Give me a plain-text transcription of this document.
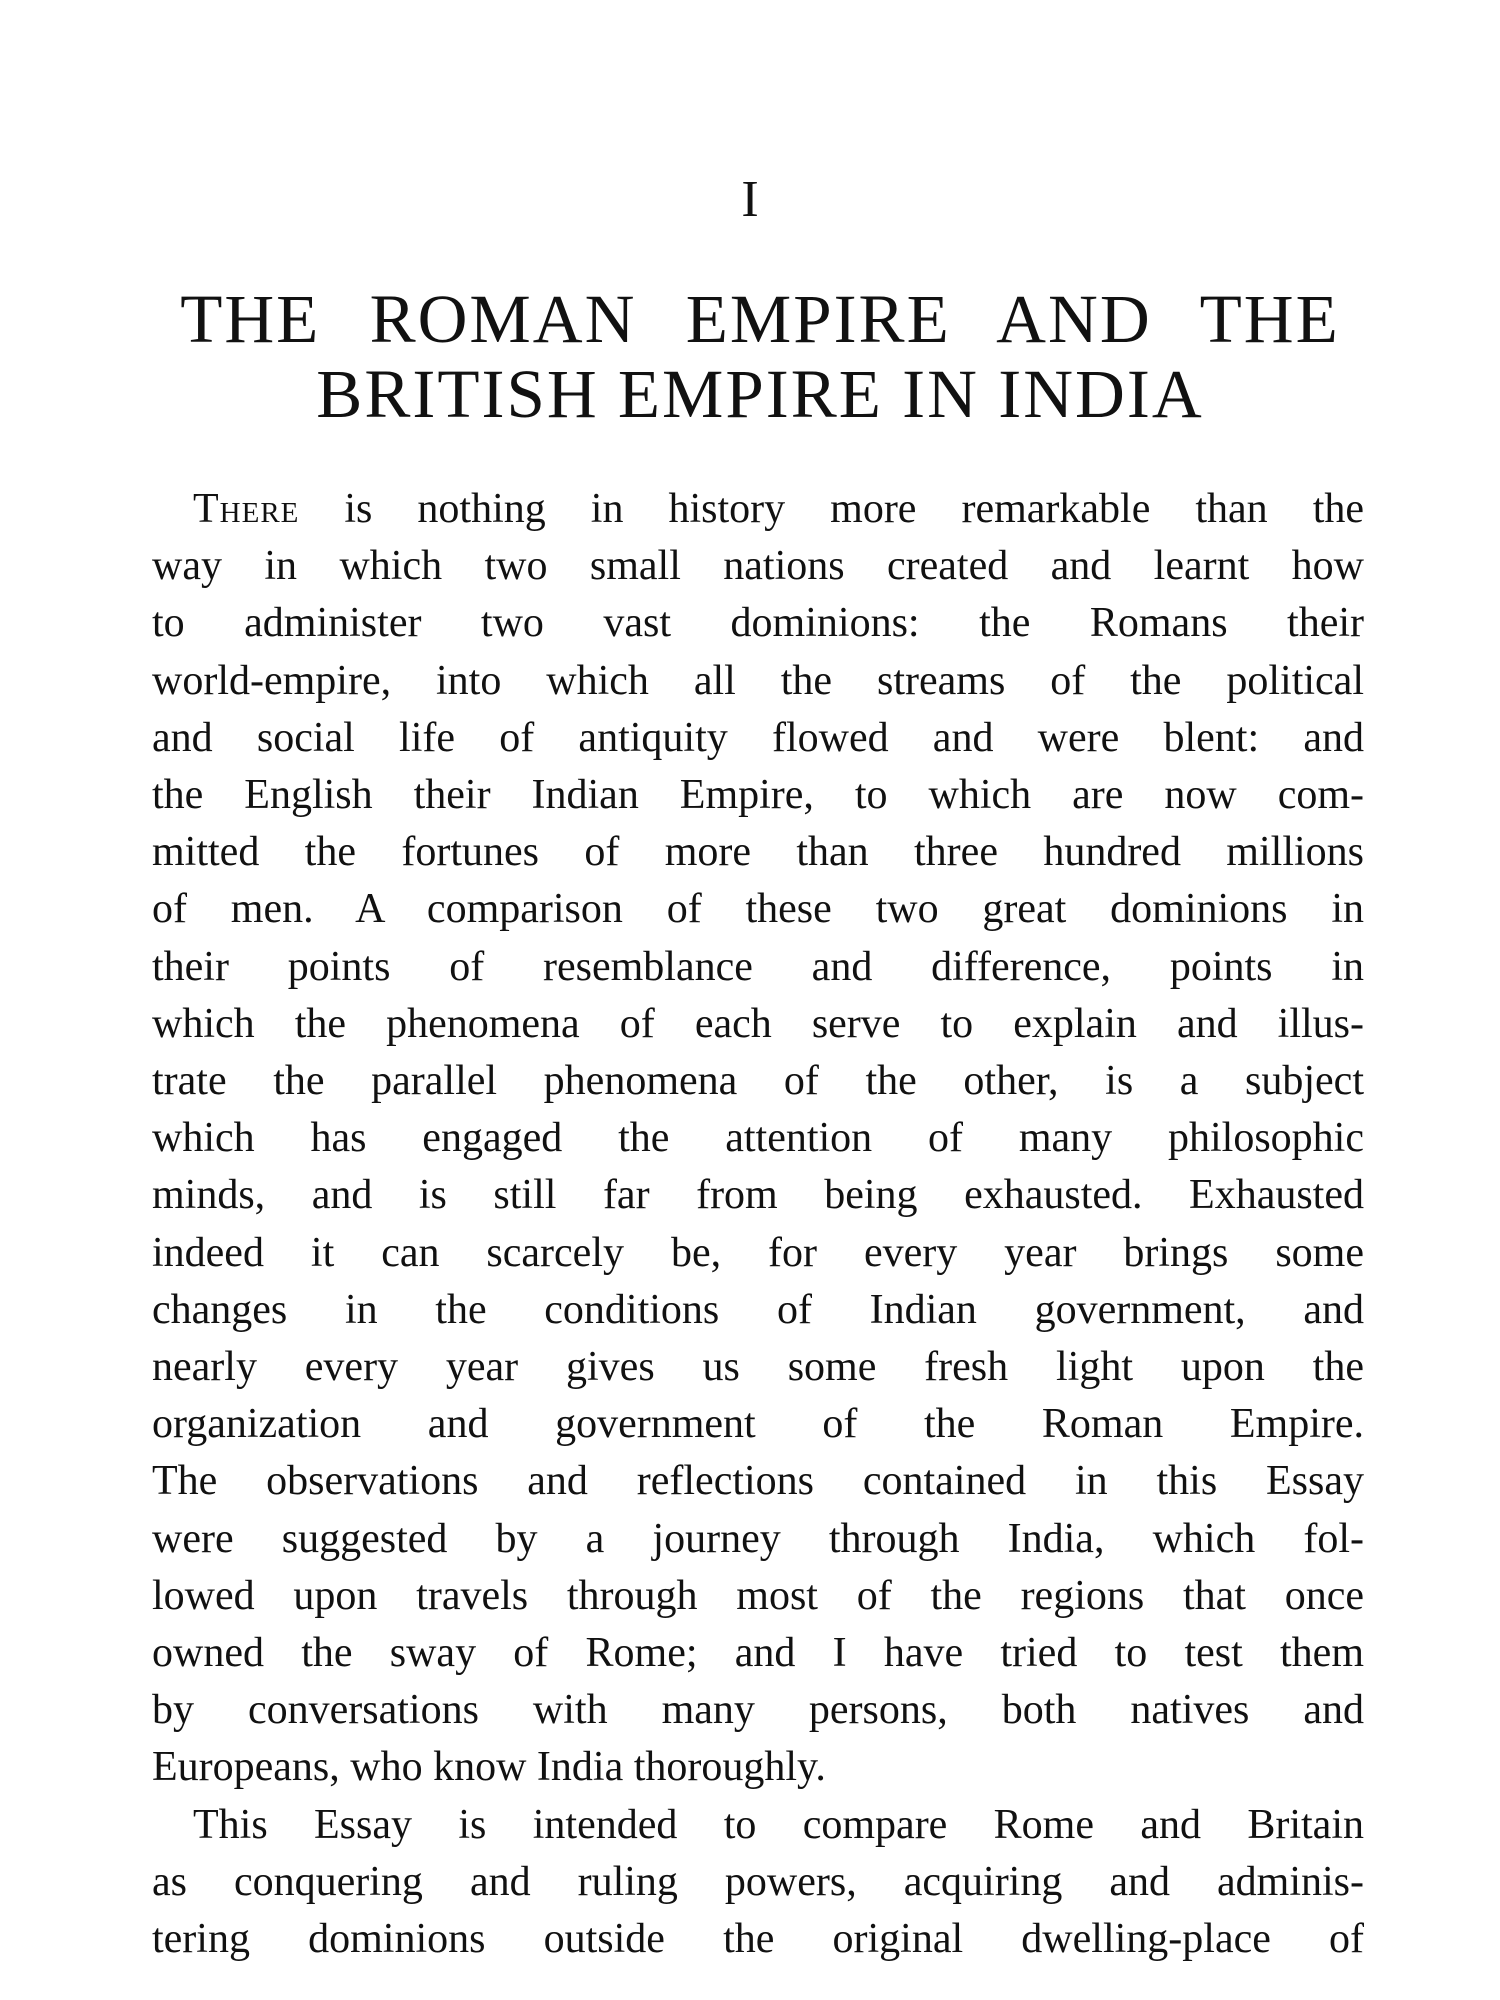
I
THE ROMAN EMPIRE AND THE
BRITISH EMPIRE IN INDIA
There is nothing in history more remarkable than the
way in which two small nations created and learnt how
to administer two vast dominions: the Romans their
world-empire, into which all the streams of the political
and social life of antiquity flowed and were blent: and
the English their Indian Empire, to which are now com-
mitted the fortunes of more than three hundred millions
of men. A comparison of these two great dominions in
their points of resemblance and difference, points in
which the phenomena of each serve to explain and illus-
trate the parallel phenomena of the other, is a subject
which has engaged the attention of many philosophic
minds, and is still far from being exhausted. Exhausted
indeed it can scarcely be, for every year brings some
changes in the conditions of Indian government, and
nearly every year gives us some fresh light upon the
organization and government of the Roman Empire.
The observations and reflections contained in this Essay
were suggested by a journey through India, which fol-
lowed upon travels through most of the regions that once
owned the sway of Rome; and I have tried to test them
by conversations with many persons, both natives and
Europeans, who know India thoroughly.
This Essay is intended to compare Rome and Britain
as conquering and ruling powers, acquiring and adminis-
tering dominions outside the original dwelling-place of
